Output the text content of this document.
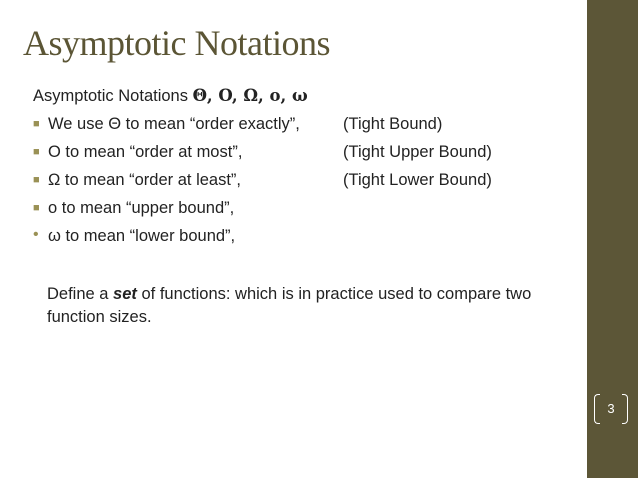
Asymptotic Notations
Asymptotic Notations Θ, O, Ω, o, ω
■ We use Θ to mean “order exactly”,	(Tight Bound)
■ O to mean “order at most”,	(Tight Upper Bound)
■ Ω to mean “order at least”,	(Tight Lower Bound)
■ o to mean “upper bound”,
• ω to mean “lower bound”,
Define a set of functions: which is in practice used to compare two function sizes.
3
